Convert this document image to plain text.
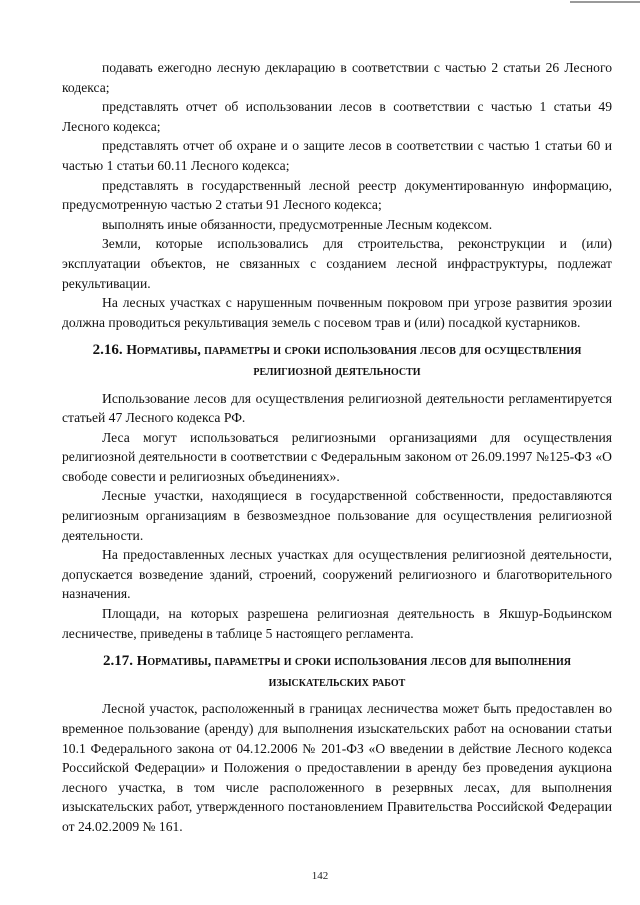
подавать ежегодно лесную декларацию в соответствии с частью 2 статьи 26 Лесного кодекса;

представлять отчет об использовании лесов в соответствии с частью 1 статьи 49 Лесного кодекса;

представлять отчет об охране и о защите лесов в соответствии с частью 1 статьи 60 и частью 1 статьи 60.11 Лесного кодекса;

представлять в государственный лесной реестр документированную информацию, предусмотренную частью 2 статьи 91 Лесного кодекса;

выполнять иные обязанности, предусмотренные Лесным кодексом.

Земли, которые использовались для строительства, реконструкции и (или) эксплуатации объектов, не связанных с созданием лесной инфраструктуры, подлежат рекультивации.

На лесных участках с нарушенным почвенным покровом при угрозе развития эрозии должна проводиться рекультивация земель с посевом трав и (или) посадкой кустарников.

2.16. Нормативы, параметры и сроки использования лесов для осуществления религиозной деятельности

Использование лесов для осуществления религиозной деятельности регламентируется статьей 47 Лесного кодекса РФ.

Леса могут использоваться религиозными организациями для осуществления религиозной деятельности в соответствии с Федеральным законом от 26.09.1997 №125-ФЗ «О свободе совести и религиозных объединениях».

Лесные участки, находящиеся в государственной собственности, предоставляются религиозным организациям в безвозмездное пользование для осуществления религиозной деятельности.

На предоставленных лесных участках для осуществления религиозной деятельности, допускается возведение зданий, строений, сооружений религиозного и благотворительного назначения.

Площади, на которых разрешена религиозная деятельность в Якшур-Бодьинском лесничестве, приведены в таблице 5 настоящего регламента.

2.17. Нормативы, параметры и сроки использования лесов для выполнения изыскательских работ

Лесной участок, расположенный в границах лесничества может быть предоставлен во временное пользование (аренду) для выполнения изыскательских работ на основании статьи 10.1 Федерального закона от 04.12.2006 № 201-ФЗ «О введении в действие Лесного кодекса Российской Федерации» и Положения о предоставлении в аренду без проведения аукциона лесного участка, в том числе расположенного в резервных лесах, для выполнения изыскательских работ, утвержденного постановлением Правительства Российской Федерации от 24.02.2009 № 161.

142
